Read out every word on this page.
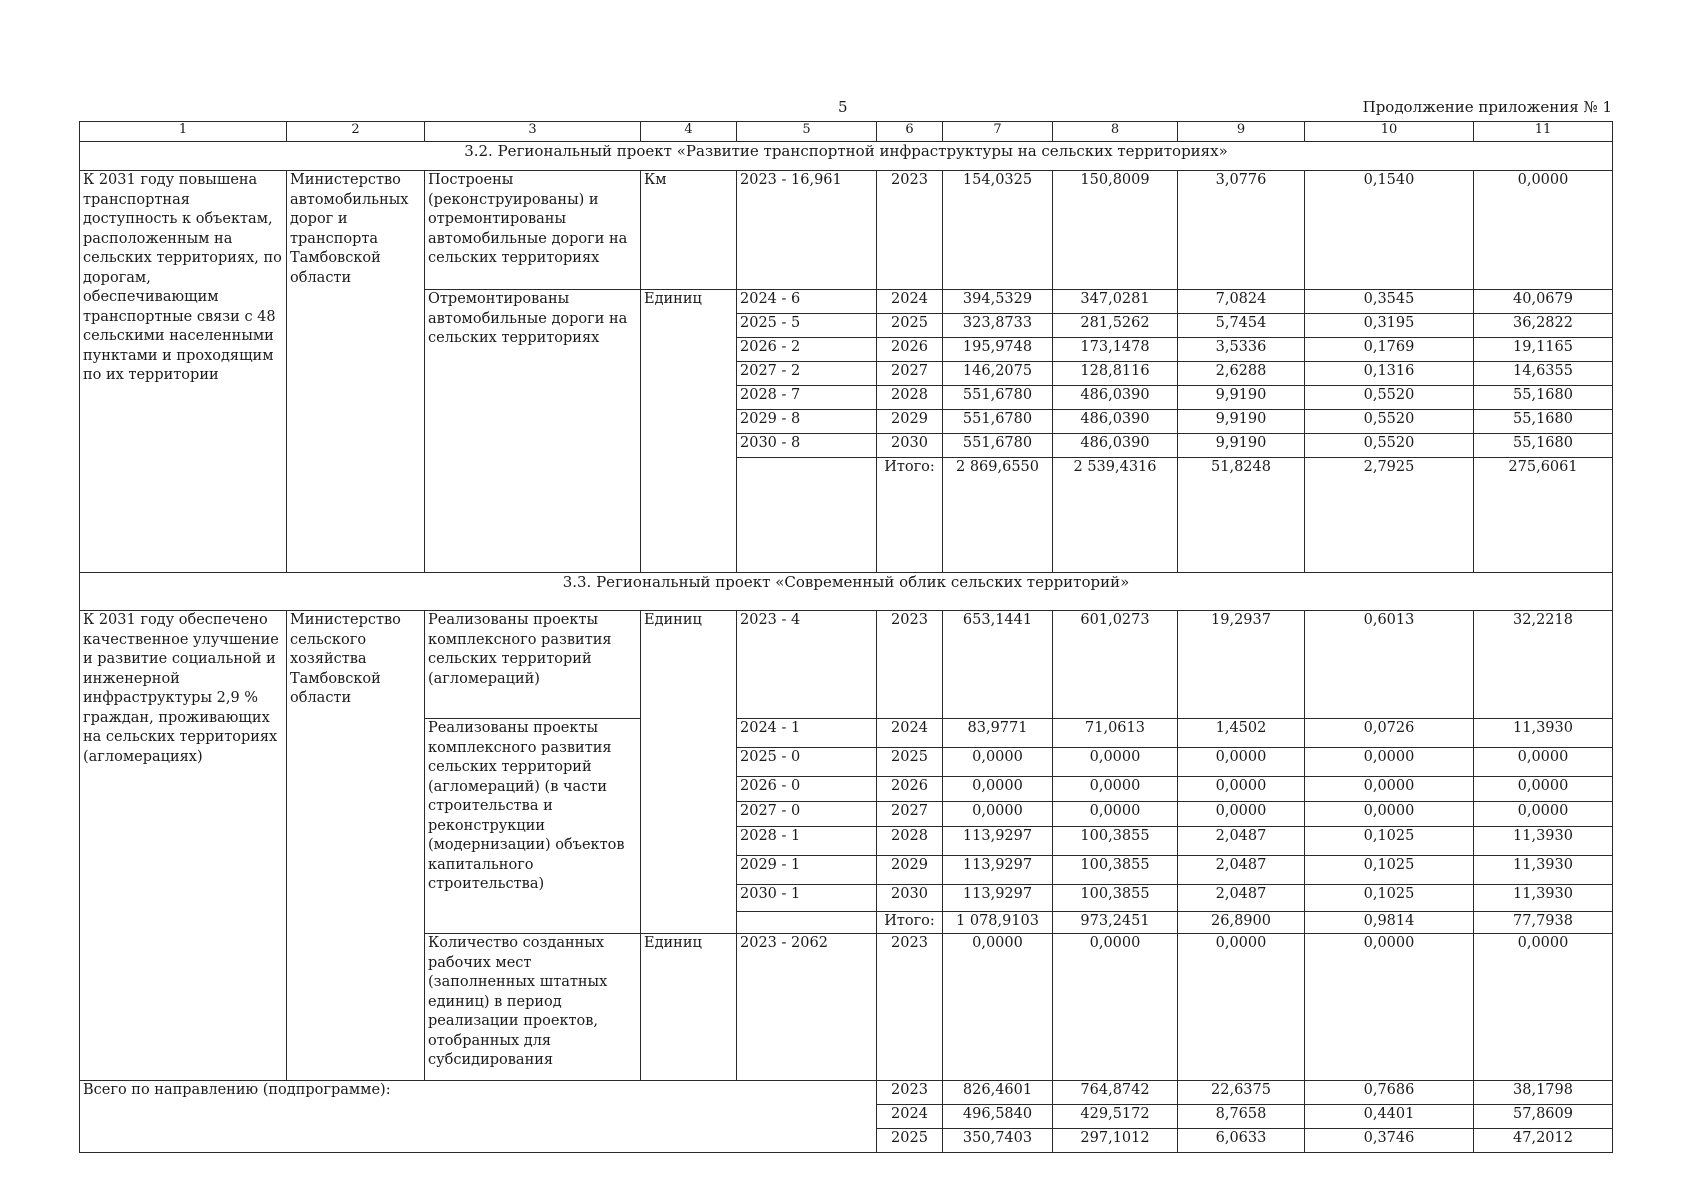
5	Продолжение приложения № 1
1	2	3	4	5	6	7	8	9	10	11
3.2. Региональный проект «Развитие транспортной инфраструктуры на сельских территориях»										
К 2031 году повышена транспортная доступность к объектам, расположенным на сельских территориях, по дорогам, обеспечивающим транспортные связи с 48 сельскими населенными пунктами и проходящим по их территории	Министерство автомобильных дорог и транспорта Тамбовской области	Построены (реконструированы) и отремонтированы автомобильные дороги на сельских территориях	Км	2023 - 16,961	2023	154,0325	150,8009	3,0776	0,1540	0,0000
		Отремонтированы автомобильные дороги на сельских территориях	Единиц	2024 - 6	2024	394,5329	347,0281	7,0824	0,3545	40,0679
				2025 - 5	2025	323,8733	281,5262	5,7454	0,3195	36,2822
				2026 - 2	2026	195,9748	173,1478	3,5336	0,1769	19,1165
				2027 - 2	2027	146,2075	128,8116	2,6288	0,1316	14,6355
				2028 - 7	2028	551,6780	486,0390	9,9190	0,5520	55,1680
				2029 - 8	2029	551,6780	486,0390	9,9190	0,5520	55,1680
				2030 - 8	2030	551,6780	486,0390	9,9190	0,5520	55,1680
					Итого:	2 869,6550	2 539,4316	51,8248	2,7925	275,6061
3.3. Региональный проект «Современный облик сельских территорий»										
К 2031 году обеспечено качественное улучшение и развитие социальной и инженерной инфраструктуры 2,9 % граждан, проживающих на сельских территориях (агломерациях)	Министерство сельского хозяйства Тамбовской области	Реализованы проекты комплексного развития сельских территорий (агломераций)	Единиц	2023 - 4	2023	653,1441	601,0273	19,2937	0,6013	32,2218
		Реализованы проекты комплексного развития сельских территорий (агломераций) (в части строительства и реконструкции (модернизации) объектов капитального строительства)		2024 - 1	2024	83,9771	71,0613	1,4502	0,0726	11,3930
				2025 - 0	2025	0,0000	0,0000	0,0000	0,0000	0,0000
				2026 - 0	2026	0,0000	0,0000	0,0000	0,0000	0,0000
				2027 - 0	2027	0,0000	0,0000	0,0000	0,0000	0,0000
				2028 - 1	2028	113,9297	100,3855	2,0487	0,1025	11,3930
				2029 - 1	2029	113,9297	100,3855	2,0487	0,1025	11,3930
				2030 - 1	2030	113,9297	100,3855	2,0487	0,1025	11,3930
					Итого:	1 078,9103	973,2451	26,8900	0,9814	77,7938
		Количество созданных рабочих мест (заполненных штатных единиц) в период реализации проектов, отобранных для субсидирования	Единиц	2023 - 2062	2023	0,0000	0,0000	0,0000	0,0000	0,0000
Всего по направлению (подпрограмме):					2023	826,4601	764,8742	22,6375	0,7686	38,1798
					2024	496,5840	429,5172	8,7658	0,4401	57,8609
					2025	350,7403	297,1012	6,0633	0,3746	47,2012
